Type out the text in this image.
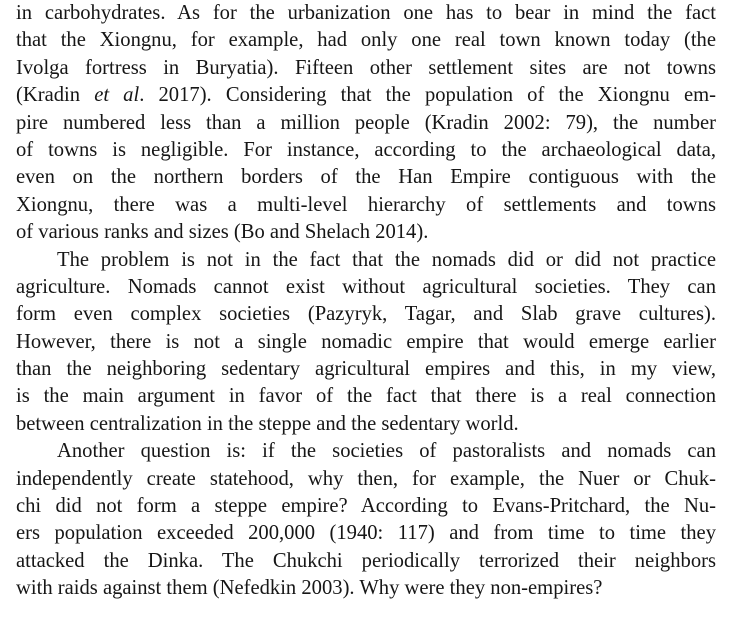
in carbohydrates. As for the urbanization one has to bear in mind the fact
that the Xiongnu, for example, had only one real town known today (the
Ivolga fortress in Buryatia). Fifteen other settlement sites are not towns
(Kradin et al. 2017). Considering that the population of the Xiongnu em-
pire numbered less than a million people (Kradin 2002: 79), the number
of towns is negligible. For instance, according to the archaeological data,
even on the northern borders of the Han Empire contiguous with the
Xiongnu, there was a multi-level hierarchy of settlements and towns
of various ranks and sizes (Bo and Shelach 2014).
The problem is not in the fact that the nomads did or did not practice
agriculture. Nomads cannot exist without agricultural societies. They can
form even complex societies (Pazyryk, Tagar, and Slab grave cultures).
However, there is not a single nomadic empire that would emerge earlier
than the neighboring sedentary agricultural empires and this, in my view,
is the main argument in favor of the fact that there is a real connection
between centralization in the steppe and the sedentary world.
Another question is: if the societies of pastoralists and nomads can
independently create statehood, why then, for example, the Nuer or Chuk-
chi did not form a steppe empire? According to Evans-Pritchard, the Nu-
ers population exceeded 200,000 (1940: 117) and from time to time they
attacked the Dinka. The Chukchi periodically terrorized their neighbors
with raids against them (Nefedkin 2003). Why were they non-empires?
